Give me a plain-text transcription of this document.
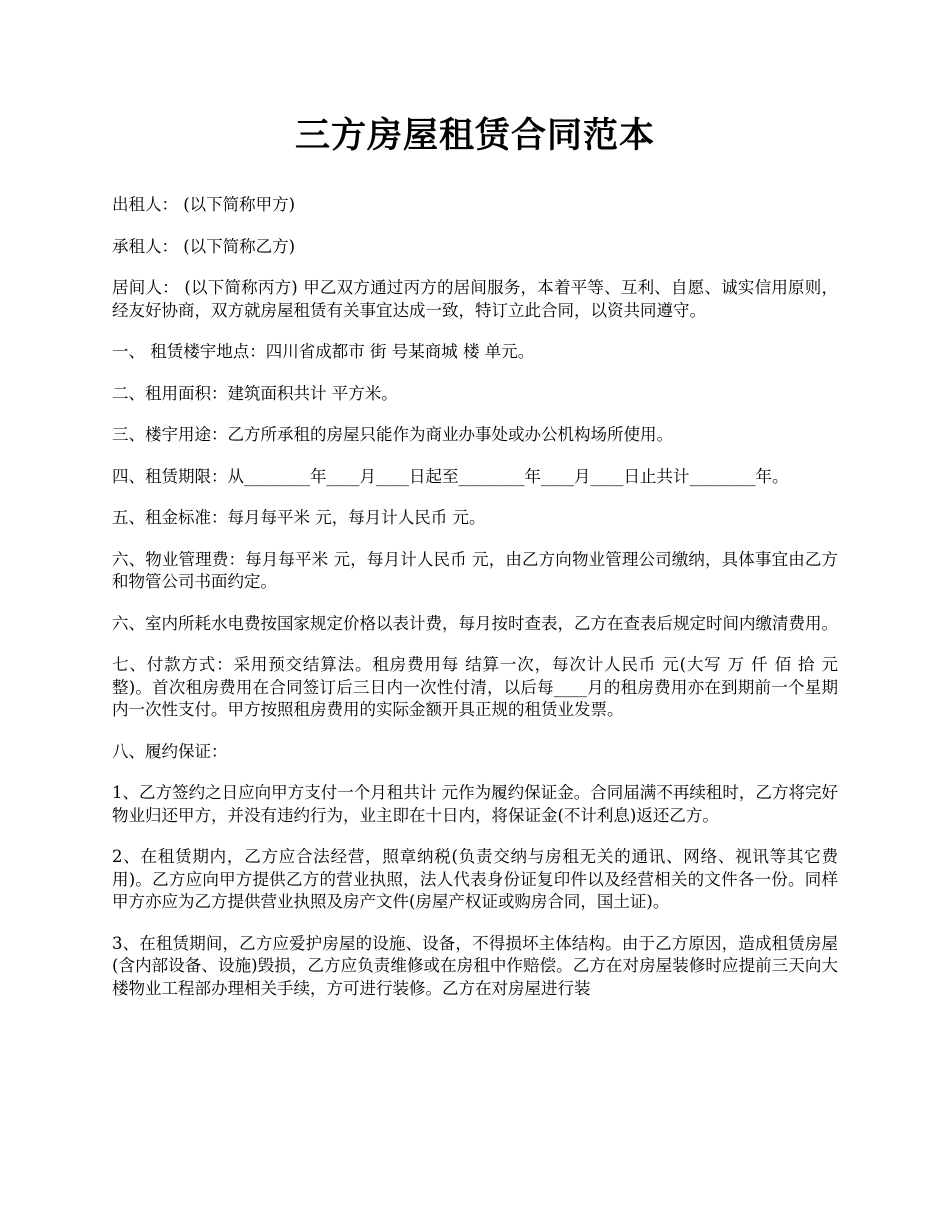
三方房屋租赁合同范本

出租人： (以下简称甲方)

承租人： (以下简称乙方)

居间人： (以下简称丙方) 甲乙双方通过丙方的居间服务，本着平等、互利、自愿、诚实信用原则，经友好协商，双方就房屋租赁有关事宜达成一致，特订立此合同，以资共同遵守。

一、 租赁楼宇地点：四川省成都市 街 号某商城 楼 单元。

二、租用面积：建筑面积共计 平方米。

三、楼宇用途：乙方所承租的房屋只能作为商业办事处或办公机构场所使用。

四、租赁期限：从________年____月____日起至________年____月____日止共计________年。

五、租金标准：每月每平米 元，每月计人民币 元。

六、物业管理费：每月每平米 元，每月计人民币 元，由乙方向物业管理公司缴纳，具体事宜由乙方和物管公司书面约定。

六、室内所耗水电费按国家规定价格以表计费，每月按时查表，乙方在查表后规定时间内缴清费用。

七、付款方式：采用预交结算法。租房费用每 结算一次，每次计人民币 元(大写 万 仟 佰 拾 元整)。首次租房费用在合同签订后三日内一次性付清，以后每____月的租房费用亦在到期前一个星期内一次性支付。甲方按照租房费用的实际金额开具正规的租赁业发票。

八、履约保证：

1、乙方签约之日应向甲方支付一个月租共计 元作为履约保证金。合同届满不再续租时，乙方将完好物业归还甲方，并没有违约行为，业主即在十日内，将保证金(不计利息)返还乙方。

2、在租赁期内，乙方应合法经营，照章纳税(负责交纳与房租无关的通讯、网络、视讯等其它费用)。乙方应向甲方提供乙方的营业执照，法人代表身份证复印件以及经营相关的文件各一份。同样甲方亦应为乙方提供营业执照及房产文件(房屋产权证或购房合同，国土证)。

3、在租赁期间，乙方应爱护房屋的设施、设备，不得损坏主体结构。由于乙方原因，造成租赁房屋(含内部设备、设施)毁损，乙方应负责维修或在房租中作赔偿。乙方在对房屋装修时应提前三天向大楼物业工程部办理相关手续，方可进行装修。乙方在对房屋进行装
